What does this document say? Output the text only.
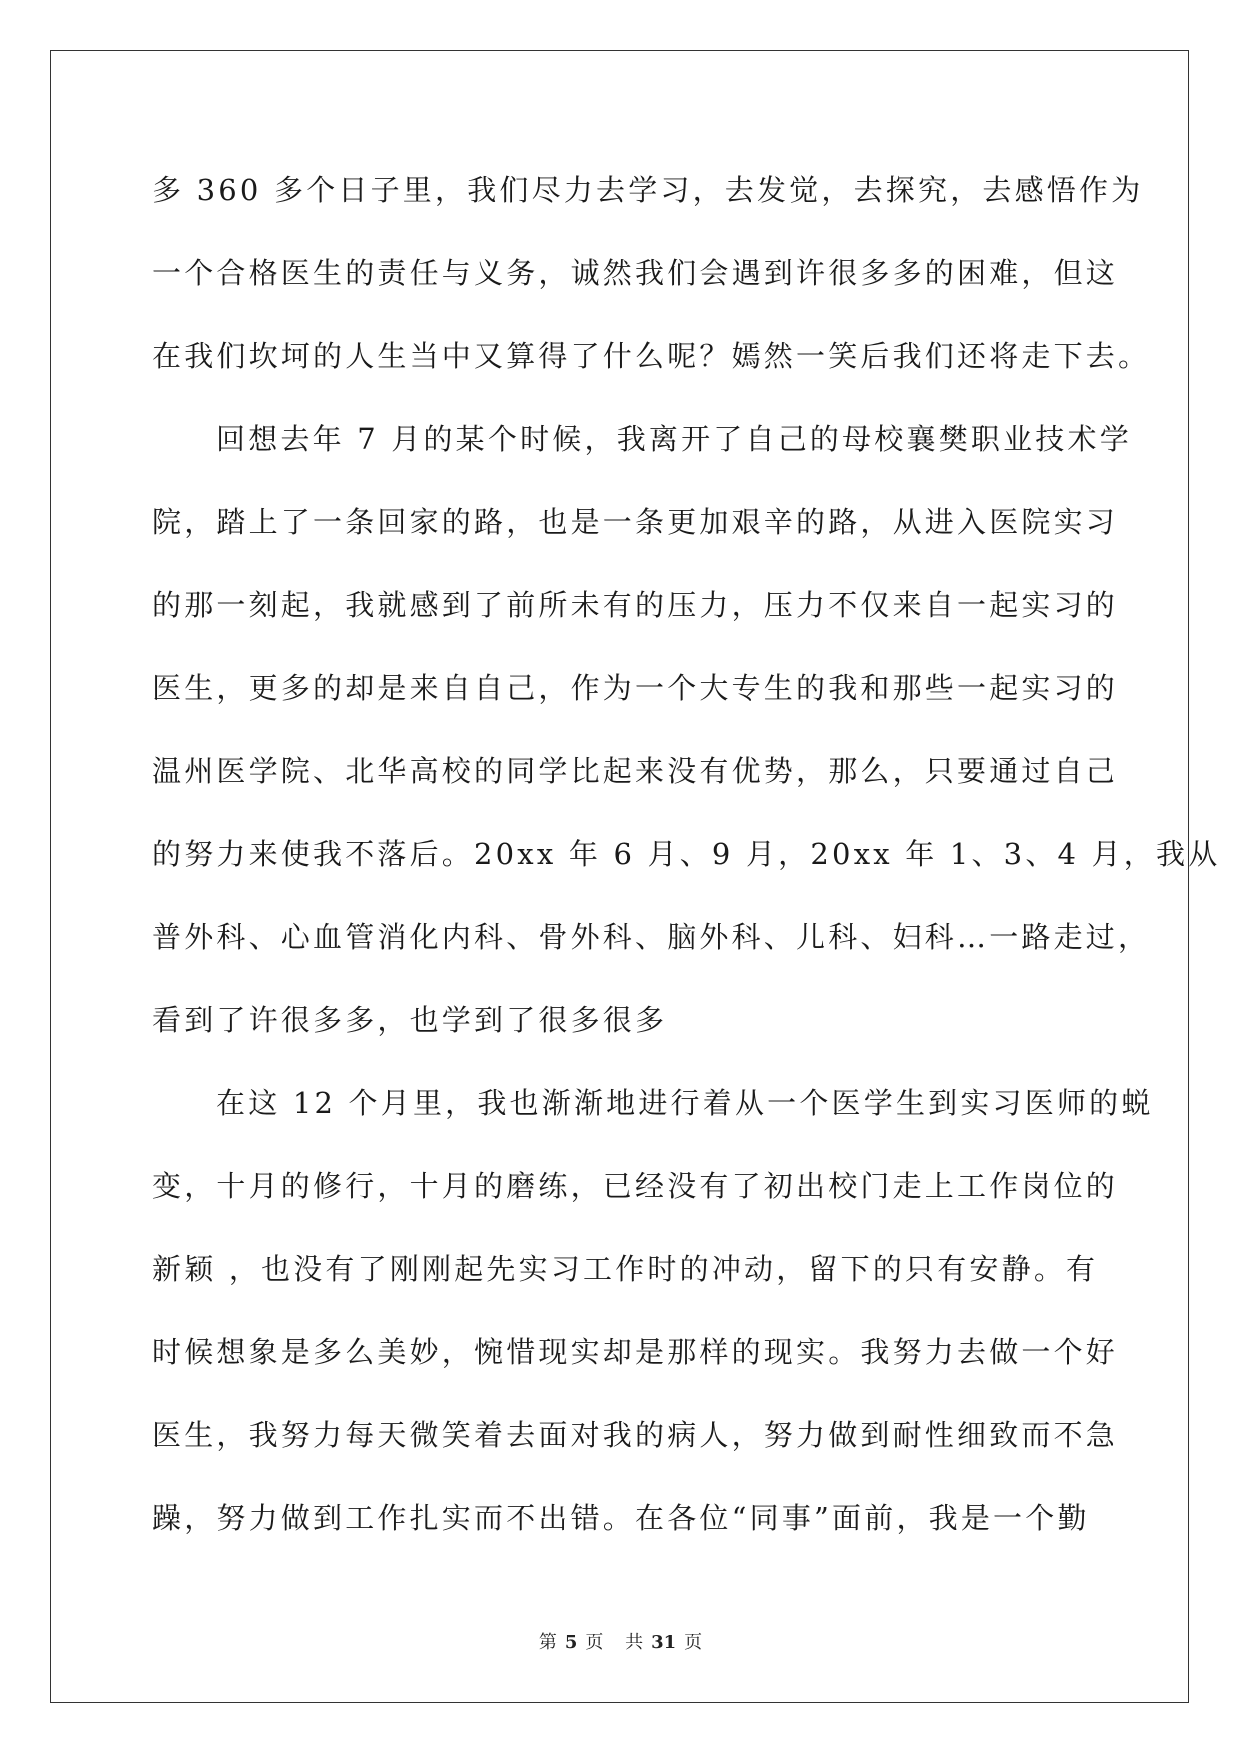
多 360 多个日子里，我们尽力去学习，去发觉，去探究，去感悟作为
一个合格医生的责任与义务，诚然我们会遇到许很多多的困难，但这
在我们坎坷的人生当中又算得了什么呢？嫣然一笑后我们还将走下去。
回想去年 7 月的某个时候，我离开了自己的母校襄樊职业技术学
院，踏上了一条回家的路，也是一条更加艰辛的路，从进入医院实习
的那一刻起，我就感到了前所未有的压力，压力不仅来自一起实习的
医生，更多的却是来自自己，作为一个大专生的我和那些一起实习的
温州医学院、北华高校的同学比起来没有优势，那么，只要通过自己
的努力来使我不落后。20xx 年 6 月、9 月，20xx 年 1、3、4 月，我从
普外科、心血管消化内科、骨外科、脑外科、儿科、妇科…一路走过，
看到了许很多多，也学到了很多很多
在这 12 个月里，我也渐渐地进行着从一个医学生到实习医师的蜕
变，十月的修行，十月的磨练，已经没有了初出校门走上工作岗位的
新颖 ，也没有了刚刚起先实习工作时的冲动，留下的只有安静。有
时候想象是多么美妙，惋惜现实却是那样的现实。我努力去做一个好
医生，我努力每天微笑着去面对我的病人，努力做到耐性细致而不急
躁，努力做到工作扎实而不出错。在各位“同事”面前，我是一个勤
第 5 页 共 31 页
